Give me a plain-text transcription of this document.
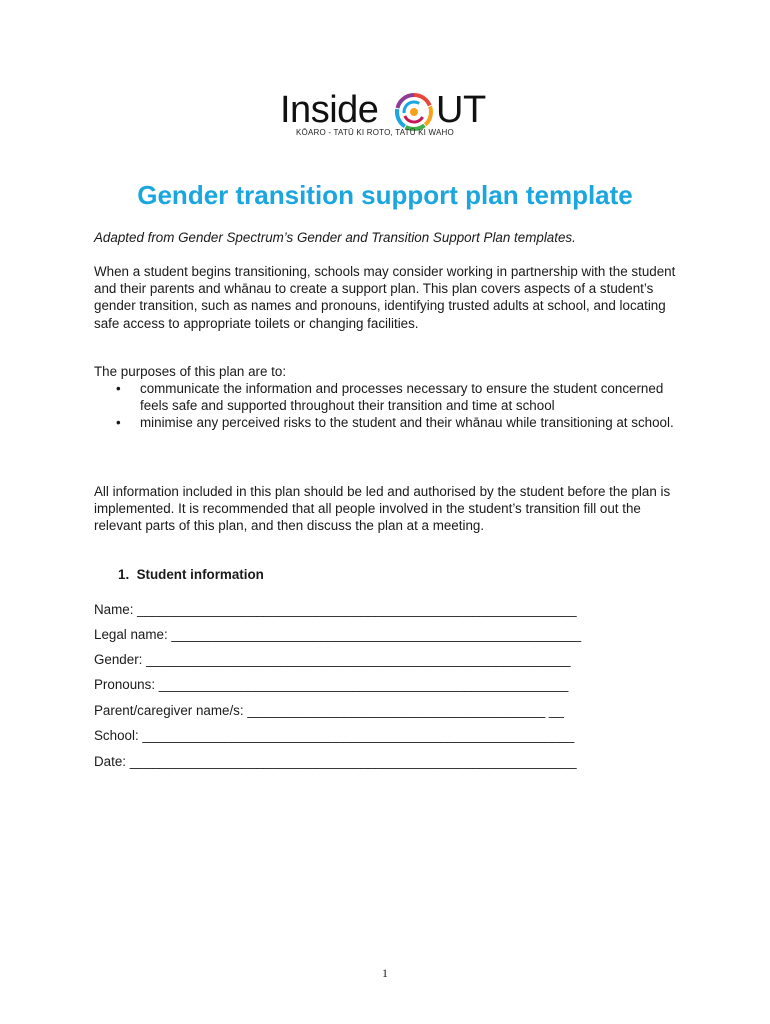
Inside UT
KŌARO - TATŪ KI ROTO, TATŪ KI WAHO
Gender transition support plan template

Adapted from Gender Spectrum’s Gender and Transition Support Plan templates.

When a student begins transitioning, schools may consider working in partnership with the student and their parents and whānau to create a support plan. This plan covers aspects of a student’s gender transition, such as names and pronouns, identifying trusted adults at school, and locating safe access to appropriate toilets or changing facilities.

The purposes of this plan are to:

• communicate the information and processes necessary to ensure the student concerned feels safe and supported throughout their transition and time at school
• minimise any perceived risks to the student and their whānau while transitioning at school.

All information included in this plan should be led and authorised by the student before the plan is implemented. It is recommended that all people involved in the student’s transition fill out the relevant parts of this plan, and then discuss the plan at a meeting.

1.  Student information
Name: ___________________________________________________________
Legal name: _______________________________________________________
Gender: _________________________________________________________
Pronouns: _______________________________________________________
Parent/caregiver name/s: ________________________________________ __
School: __________________________________________________________
Date: ____________________________________________________________
1
